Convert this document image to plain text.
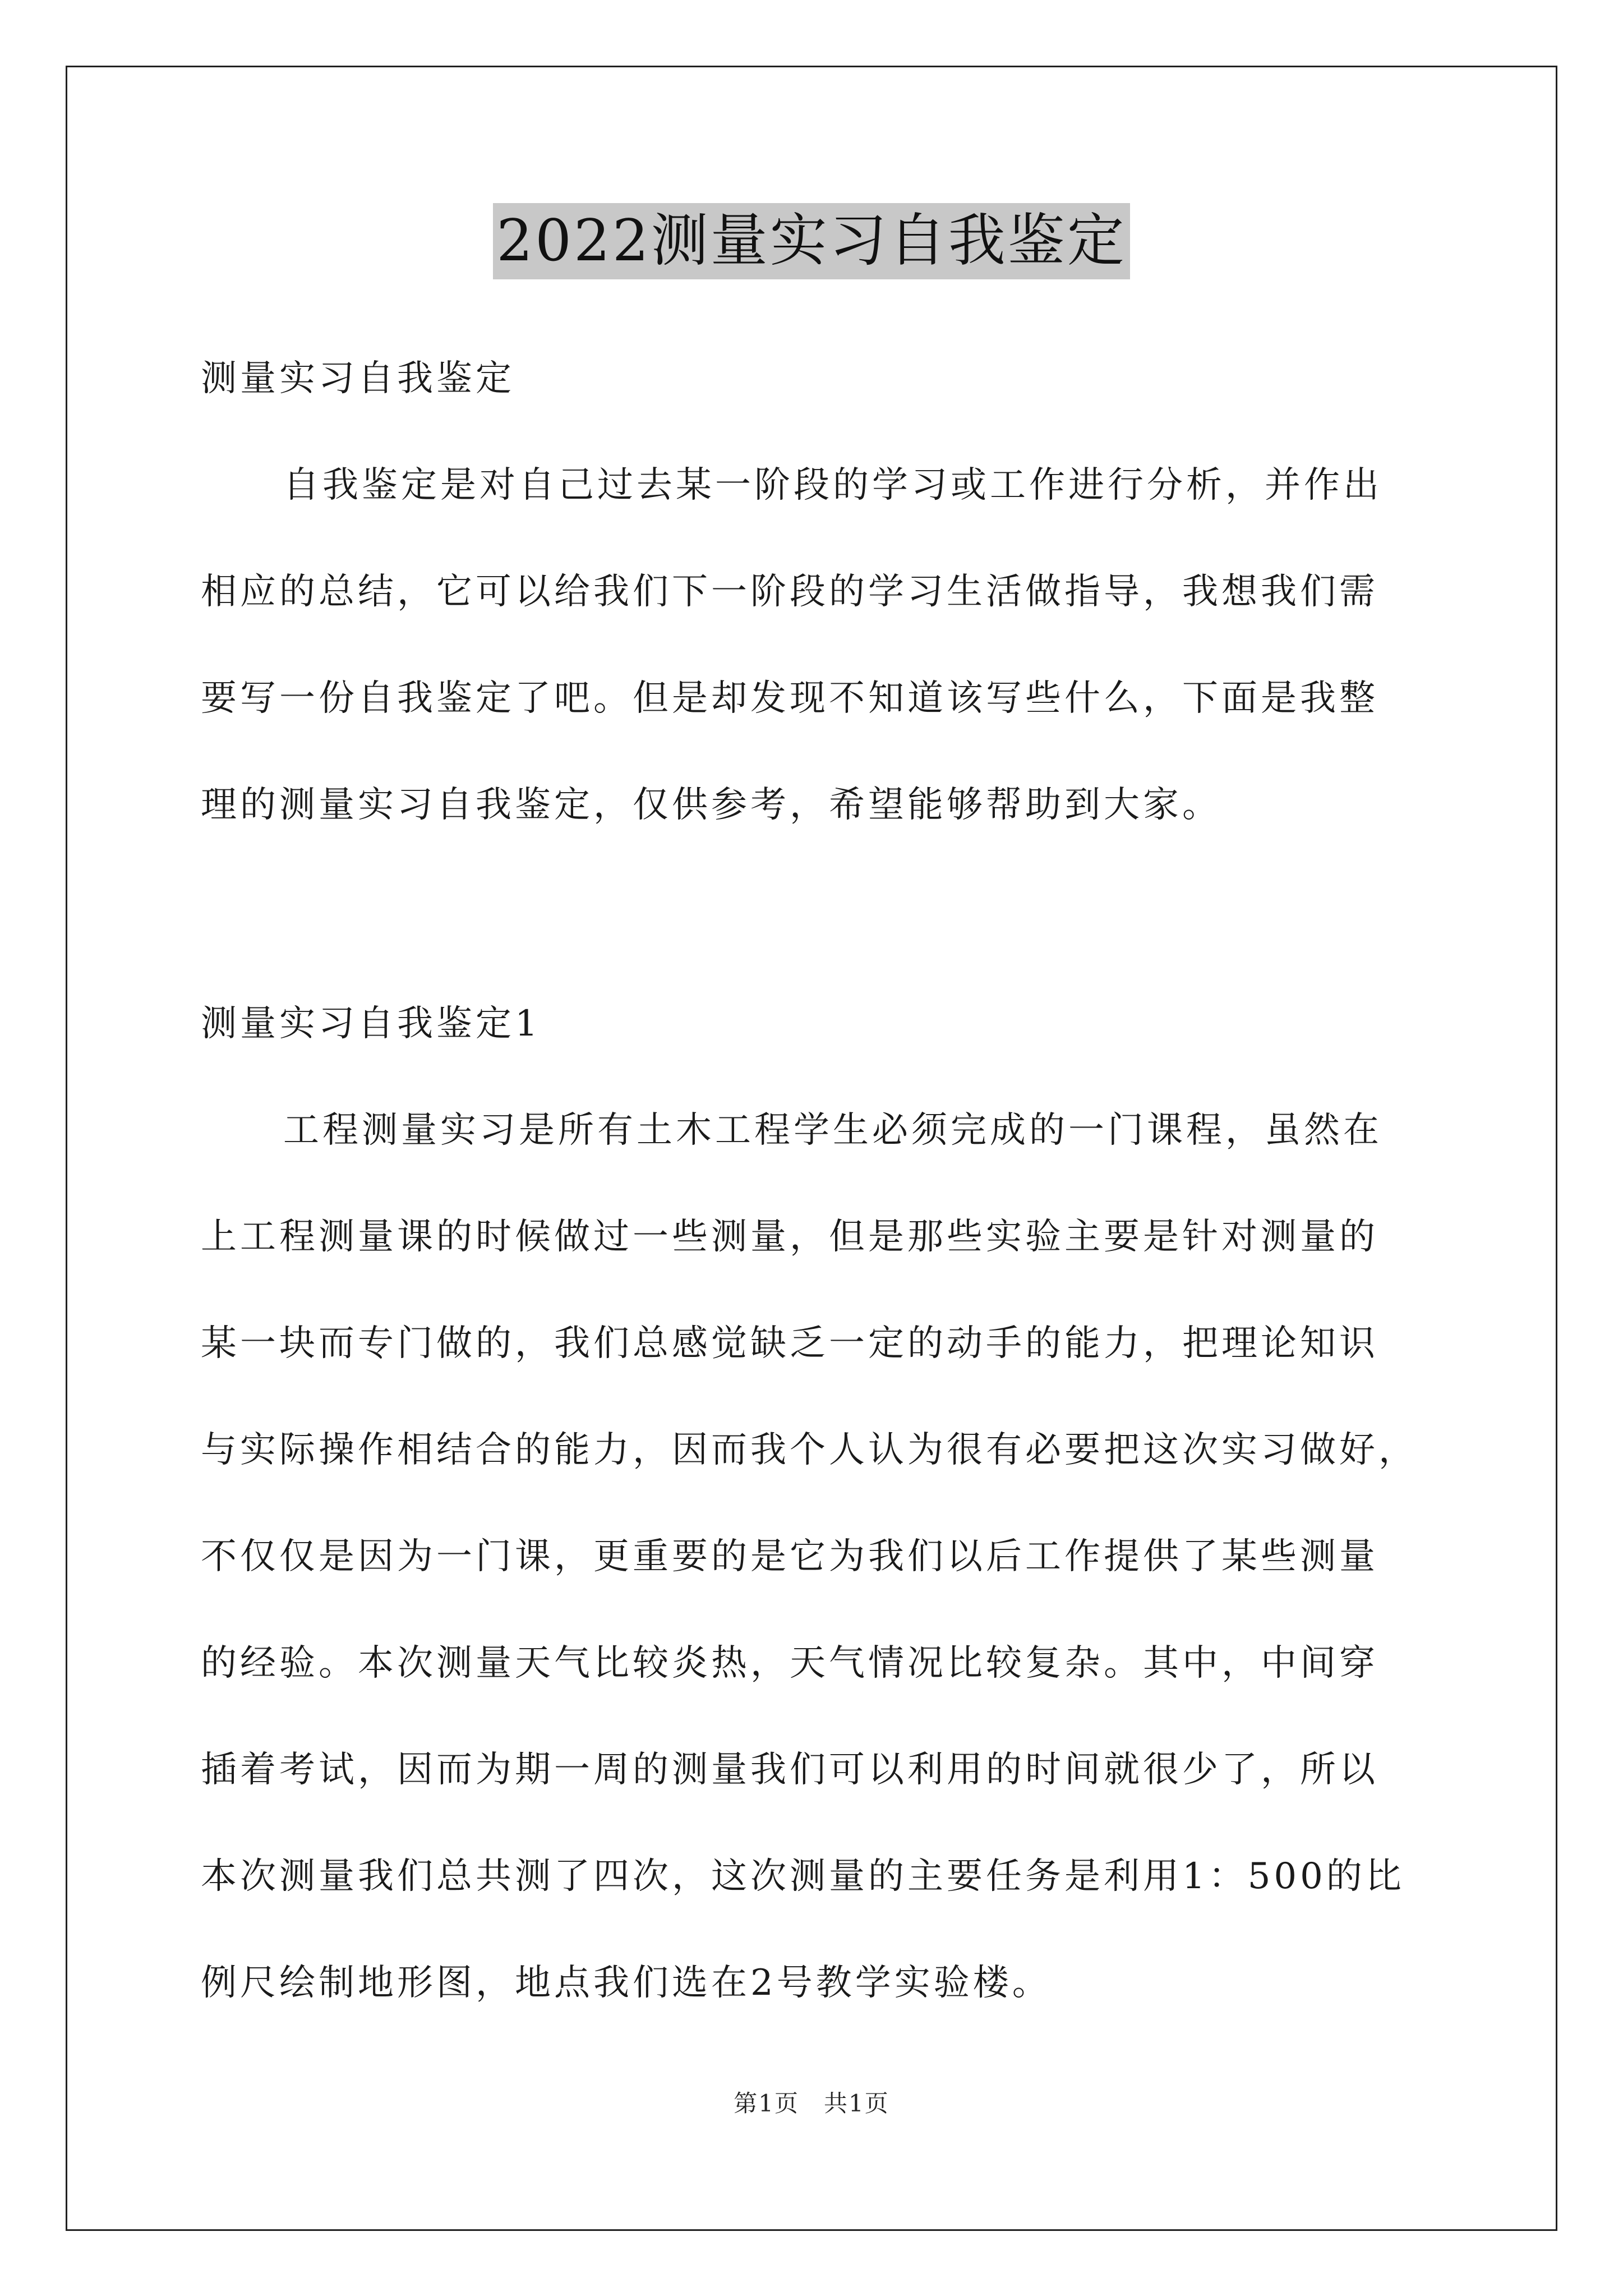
2022测量实习自我鉴定
测量实习自我鉴定
自我鉴定是对自己过去某一阶段的学习或工作进行分析，并作出
相应的总结，它可以给我们下一阶段的学习生活做指导，我想我们需
要写一份自我鉴定了吧。但是却发现不知道该写些什么，下面是我整
理的测量实习自我鉴定，仅供参考，希望能够帮助到大家。
测量实习自我鉴定1
工程测量实习是所有土木工程学生必须完成的一门课程，虽然在
上工程测量课的时候做过一些测量，但是那些实验主要是针对测量的
某一块而专门做的，我们总感觉缺乏一定的动手的能力，把理论知识
与实际操作相结合的能力，因而我个人认为很有必要把这次实习做好，
不仅仅是因为一门课，更重要的是它为我们以后工作提供了某些测量
的经验。本次测量天气比较炎热，天气情况比较复杂。其中，中间穿
插着考试，因而为期一周的测量我们可以利用的时间就很少了，所以
本次测量我们总共测了四次，这次测量的主要任务是利用1：500的比
例尺绘制地形图，地点我们选在2号教学实验楼。
第1页　共1页
